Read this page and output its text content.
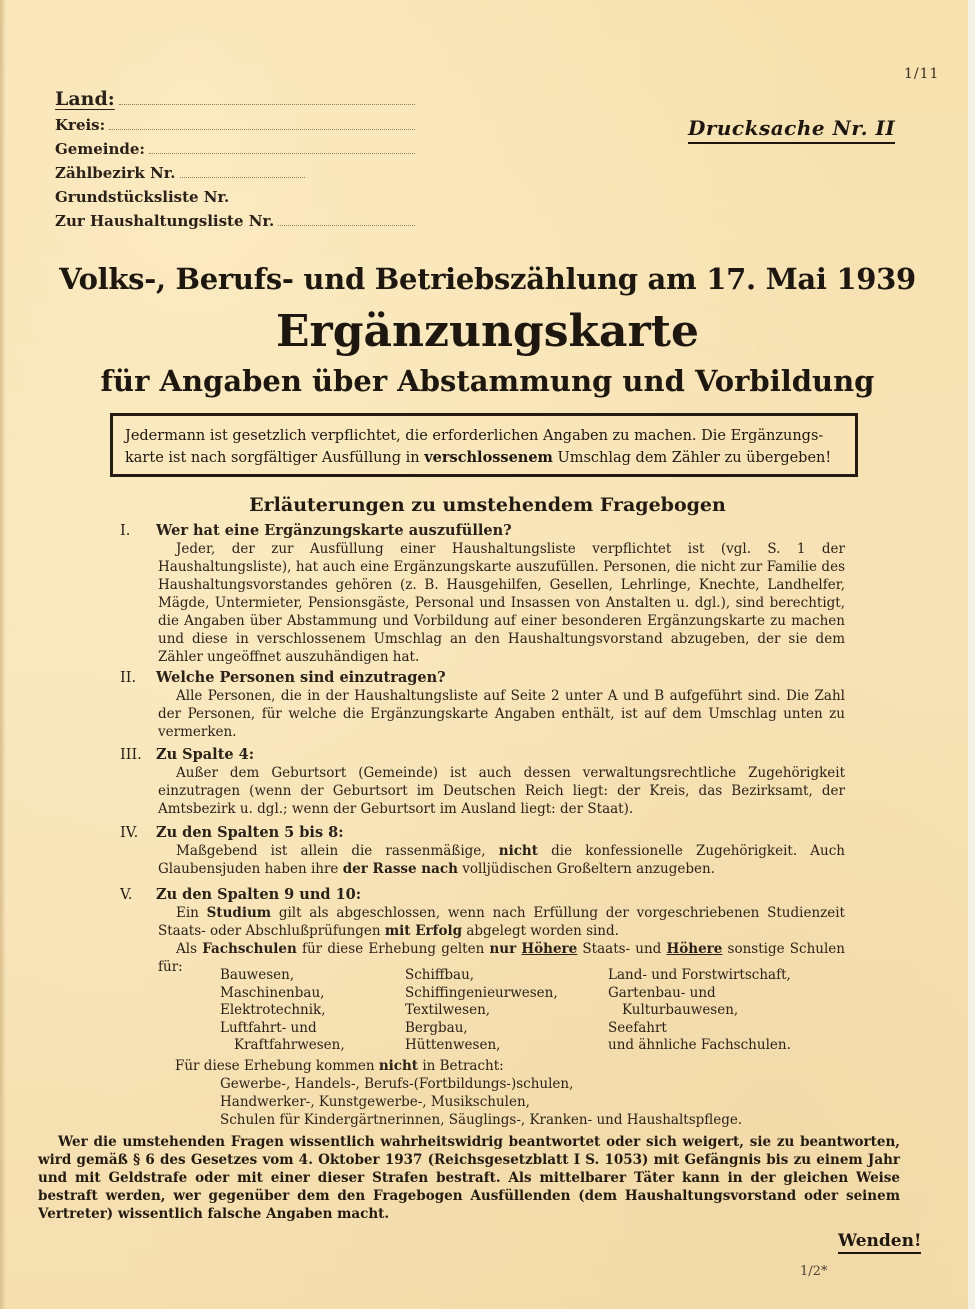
1/11
Land:
Kreis:
Gemeinde:
Zählbezirk Nr.
Grundstücksliste Nr.
Zur Haushaltungsliste Nr.
Drucksache Nr. II
Volks-, Berufs- und Betriebszählung am 17. Mai 1939
Ergänzungskarte
für Angaben über Abstammung und Vorbildung
Jedermann ist gesetzlich verpflichtet, die erforderlichen Angaben zu machen. Die Ergänzungs-karte ist nach sorgfältiger Ausfüllung in verschlossenem Umschlag dem Zähler zu übergeben!
Erläuterungen zu umstehendem Fragebogen
I. Wer hat eine Ergänzungskarte auszufüllen?

Jeder, der zur Ausfüllung einer Haushaltungsliste verpflichtet ist (vgl. S. 1 der Haushaltungsliste), hat auch eine Ergänzungskarte auszufüllen. Personen, die nicht zur Familie des Haushaltungsvorstandes gehören (z. B. Hausgehilfen, Gesellen, Lehrlinge, Knechte, Landhelfer, Mägde, Untermieter, Pensionsgäste, Personal und Insassen von Anstalten u. dgl.), sind berechtigt, die Angaben über Abstammung und Vorbildung auf einer besonderen Ergänzungskarte zu machen und diese in verschlossenem Umschlag an den Haushaltungsvorstand abzugeben, der sie dem Zähler ungeöffnet auszuhändigen hat.

II. Welche Personen sind einzutragen?

Alle Personen, die in der Haushaltungsliste auf Seite 2 unter A und B aufgeführt sind. Die Zahl der Personen, für welche die Ergänzungskarte Angaben enthält, ist auf dem Umschlag unten zu vermerken.

III. Zu Spalte 4:

Außer dem Geburtsort (Gemeinde) ist auch dessen verwaltungsrechtliche Zugehörigkeit einzutragen (wenn der Geburtsort im Deutschen Reich liegt: der Kreis, das Bezirksamt, der Amtsbezirk u. dgl.; wenn der Geburtsort im Ausland liegt: der Staat).

IV. Zu den Spalten 5 bis 8:

Maßgebend ist allein die rassenmäßige, nicht die konfessionelle Zugehörigkeit. Auch Glaubensjuden haben ihre der Rasse nach volljüdischen Großeltern anzugeben.

V. Zu den Spalten 9 und 10:

Ein Studium gilt als abgeschlossen, wenn nach Erfüllung der vorgeschriebenen Studienzeit Staats- oder Abschlußprüfungen mit Erfolg abgelegt worden sind.

Als Fachschulen für diese Erhebung gelten nur Höhere Staats- und Höhere sonstige Schulen für:	Bauwesen,
Maschinenbau,
Elektrotechnik,
Luftfahrt- und
Kraftfahrwesen,
Schiffbau,
Schiffingenieurwesen,
Textilwesen,
Bergbau,
Hüttenwesen,
Land- und Forstwirtschaft,
Gartenbau- und
Kulturbauwesen,
Seefahrt
und ähnliche Fachschulen.
Für diese Erhebung kommen nicht in Betracht:
Gewerbe-, Handels-, Berufs-(Fortbildungs-)schulen,
Handwerker-, Kunstgewerbe-, Musikschulen,
Schulen für Kindergärtnerinnen, Säuglings-, Kranken- und Haushaltspflege.
Wer die umstehenden Fragen wissentlich wahrheitswidrig beantwortet oder sich weigert, sie zu beantworten, wird gemäß § 6 des Gesetzes vom 4. Oktober 1937 (Reichsgesetzblatt I S. 1053) mit Gefängnis bis zu einem Jahr und mit Geldstrafe oder mit einer dieser Strafen bestraft. Als mittelbarer Täter kann in der gleichen Weise bestraft werden, wer gegenüber dem den Fragebogen Ausfüllenden (dem Haushaltungsvorstand oder seinem Vertreter) wissentlich falsche Angaben macht.
Wenden!
1/2*
